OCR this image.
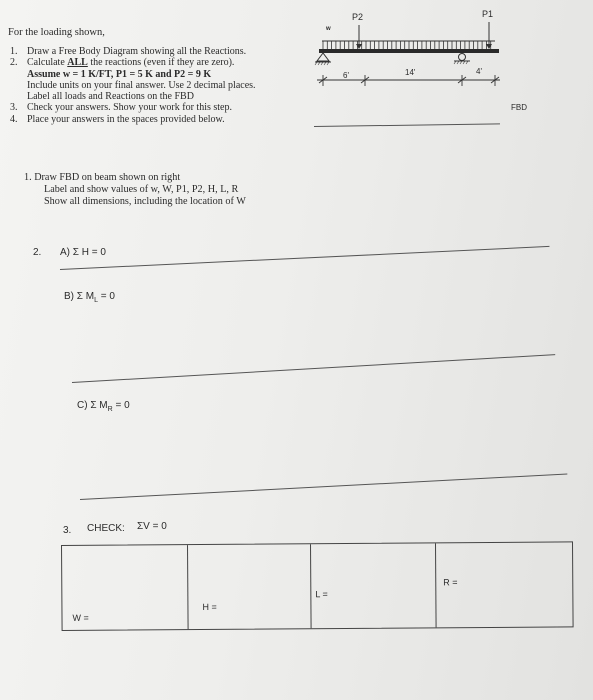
For the loading shown,
1. Draw a Free Body Diagram showing all the Reactions.
2. Calculate ALL the reactions (even if they are zero).
Assume w = 1 K/FT, P1 = 5 K and P2 = 9 K
Include units on your final answer. Use 2 decimal places.
Label all loads and Reactions on the FBD
3. Check your answers. Show your work for this step.
4. Place your answers in the spaces provided below.
P2	P1
w
6'	14'	4'
FBD
1. Draw FBD on beam shown on right
Label and show values of w, W, P1, P2, H, L, R
Show all dimensions, including the location of W
2. A) Σ H = 0
B) Σ $M_L = 0$
C) Σ $M_R = 0$
3. CHECK: ΣV = 0
W =
H =
L =
R =
